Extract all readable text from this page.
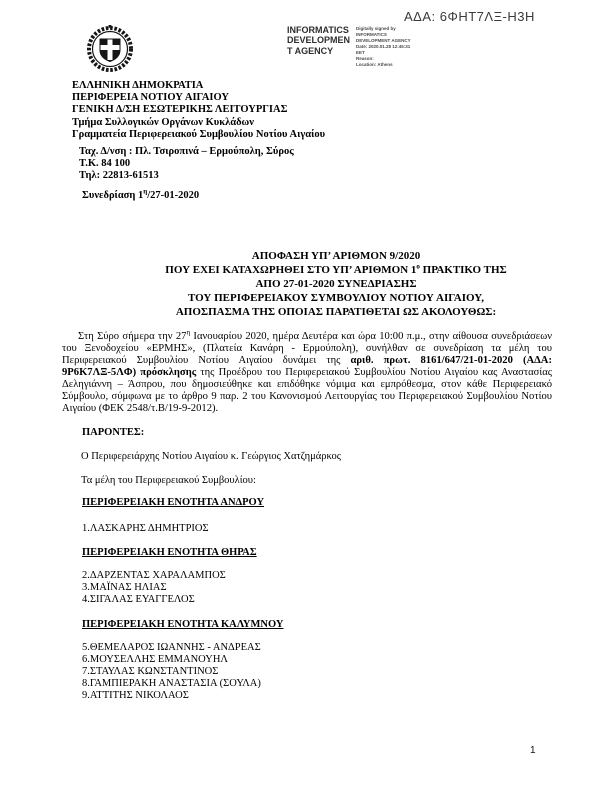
ΑΔΑ: 6ΦΗΤ7ΛΞ-Η3Η
INFORMATICS
DEVELOPMEN
T AGENCY
Digitally signed by
INFORMATICS
DEVELOPMENT AGENCY
Date: 2020.01.28 12:45:31
EET
Reason:
Location: Athens
ΕΛΛΗΝΙΚΗ ΔΗΜΟΚΡΑΤΙΑ
ΠΕΡΙΦΕΡΕΙΑ ΝΟΤΙΟΥ ΑΙΓΑΙΟΥ
ΓΕΝΙΚΗ Δ/ΣΗ ΕΣΩΤΕΡΙΚΗΣ ΛΕΙΤΟΥΡΓΙΑΣ
Τμήμα Συλλογικών Οργάνων Κυκλάδων
Γραμματεία Περιφερειακού Συμβουλίου Νοτίου Αιγαίου
Ταχ. Δ/νση : Πλ. Τσιροπινά – Ερμούπολη, Σύρος
Τ.Κ. 84 100
Τηλ: 22813-61513
Συνεδρίαση $1^\eta/27-01-2020$
ΑΠΟΦΑΣΗ ΥΠ’ ΑΡΙΘΜΟΝ 9/2020
ΠΟΥ ΕΧΕΙ ΚΑΤΑΧΩΡΗΘΕΙ ΣΤΟ ΥΠ’ ΑΡΙΘΜΟΝ $1^o$ ΠΡΑΚΤΙΚΟ ΤΗΣ
ΑΠΟ 27-01-2020 ΣΥΝΕΔΡΙΑΣΗΣ
ΤΟΥ ΠΕΡΙΦΕΡΕΙΑΚΟΥ ΣΥΜΒΟΥΛΙΟΥ ΝΟΤΙΟΥ ΑΙΓΑΙΟΥ,
ΑΠΟΣΠΑΣΜΑ ΤΗΣ ΟΠΟΙΑΣ ΠΑΡΑΤΙΘΕΤΑΙ ΩΣ ΑΚΟΛΟΥΘΩΣ:

Στη Σύρο σήμερα την $27^\eta$ Ιανουαρίου 2020, ημέρα Δευτέρα και ώρα 10:00 π.μ., στην αίθουσα συνεδριάσεων του Ξενοδοχείου «ΕΡΜΗΣ», (Πλατεία Κανάρη - Ερμούπολη), συνήλθαν σε συνεδρίαση τα μέλη του Περιφερειακού Συμβουλίου Νοτίου Αιγαίου δυνάμει της αριθ. πρωτ. 8161/647/21-01-2020 (ΑΔΑ: 9Ρ6Κ7ΛΞ-5ΛΦ) πρόσκλησης της Προέδρου του Περιφερειακού Συμβουλίου Νοτίου Αιγαίου κας Αναστασίας Δεληγιάννη – Άσπρου, που δημοσιεύθηκε και επιδόθηκε νόμιμα και εμπρόθεσμα, στον κάθε Περιφερειακό Σύμβουλο, σύμφωνα με το άρθρο 9 παρ. 2 του Κανονισμού Λειτουργίας του Περιφερειακού Συμβουλίου Νοτίου Αιγαίου (ΦΕΚ 2548/τ.Β/19-9-2012).

ΠΑΡΟΝΤΕΣ:
Ο Περιφερειάρχης Νοτίου Αιγαίου κ. Γεώργιος Χατζημάρκος
Τα μέλη του Περιφερειακού Συμβουλίου:
ΠΕΡΙΦΕΡΕΙΑΚΗ ΕΝΟΤΗΤΑ ΑΝΔΡΟΥ
1.ΛΑΣΚΑΡΗΣ ΔΗΜΗΤΡΙΟΣ
ΠΕΡΙΦΕΡΕΙΑΚΗ ΕΝΟΤΗΤΑ ΘΗΡΑΣ
2.ΔΑΡΖΕΝΤΑΣ ΧΑΡΑΛΑΜΠΟΣ
3.ΜΑΪΝΑΣ ΗΛΙΑΣ
4.ΣΙΓΑΛΑΣ ΕΥΑΓΓΕΛΟΣ
ΠΕΡΙΦΕΡΕΙΑΚΗ ΕΝΟΤΗΤΑ ΚΑΛΥΜΝΟΥ
5.ΘΕΜΕΛΑΡΟΣ ΙΩΑΝΝΗΣ - ΑΝΔΡΕΑΣ
6.ΜΟΥΣΕΛΛΗΣ ΕΜΜΑΝΟΥΗΛ
7.ΣΤΑΥΛΑΣ ΚΩΝΣΤΑΝΤΙΝΟΣ
8.ΓΑΜΠΙΕΡΑΚΗ ΑΝΑΣΤΑΣΙΑ (ΣΟΥΛΑ)
9.ΑΤΤΙΤΗΣ ΝΙΚΟΛΑΟΣ
1
